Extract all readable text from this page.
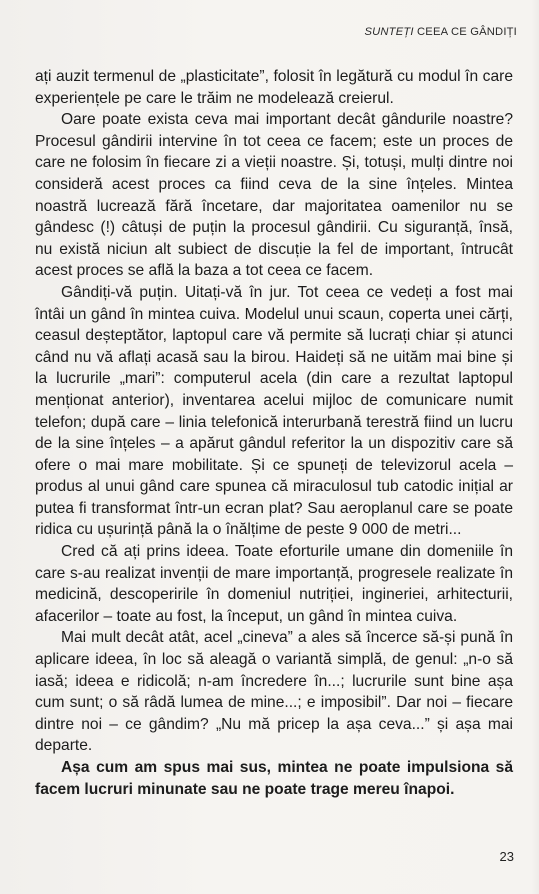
SUNTEȚI CEEA CE GÂNDIȚI

ați auzit termenul de „plasticitate”, folosit în legătură cu modul în care experiențele pe care le trăim ne modelează creierul.

Oare poate exista ceva mai important decât gândurile noastre? Procesul gândirii intervine în tot ceea ce facem; este un proces de care ne folosim în fiecare zi a vieții noastre. Și, totuși, mulți dintre noi consideră acest proces ca fiind ceva de la sine înțeles. Mintea noastră lucrează fără încetare, dar majoritatea oamenilor nu se gândesc (!) câtuși de puțin la procesul gândirii. Cu siguranță, însă, nu există niciun alt subiect de discuție la fel de important, întrucât acest proces se află la baza a tot ceea ce facem.

Gândiți-vă puțin. Uitați-vă în jur. Tot ceea ce vedeți a fost mai întâi un gând în mintea cuiva. Modelul unui scaun, coperta unei cărți, ceasul deșteptător, laptopul care vă permite să lucrați chiar și atunci când nu vă aflați acasă sau la birou. Haideți să ne uităm mai bine și la lucrurile „mari”: computerul acela (din care a rezultat laptopul menționat anterior), inventarea acelui mijloc de comunicare numit telefon; după care – linia telefonică interurbană terestră fiind un lucru de la sine înțeles – a apărut gândul referitor la un dispozitiv care să ofere o mai mare mobilitate. Și ce spuneți de televizorul acela – produs al unui gând care spunea că miraculosul tub catodic inițial ar putea fi transformat într-un ecran plat? Sau aeroplanul care se poate ridica cu ușurință până la o înălțime de peste 9 000 de metri...

Cred că ați prins ideea. Toate eforturile umane din domeniile în care s-au realizat invenții de mare importanță, progresele realizate în medicină, descoperirile în domeniul nutriției, ingineriei, arhitecturii, afacerilor – toate au fost, la început, un gând în mintea cuiva.

Mai mult decât atât, acel „cineva” a ales să încerce să-și pună în aplicare ideea, în loc să aleagă o variantă simplă, de genul: „n-o să iasă; ideea e ridicolă; n-am încredere în...; lucrurile sunt bine așa cum sunt; o să râdă lumea de mine...; e imposibil”. Dar noi – fiecare dintre noi – ce gândim? „Nu mă pricep la așa ceva...” și așa mai departe.

Așa cum am spus mai sus, mintea ne poate impulsiona să facem lucruri minunate sau ne poate trage mereu înapoi.

23
